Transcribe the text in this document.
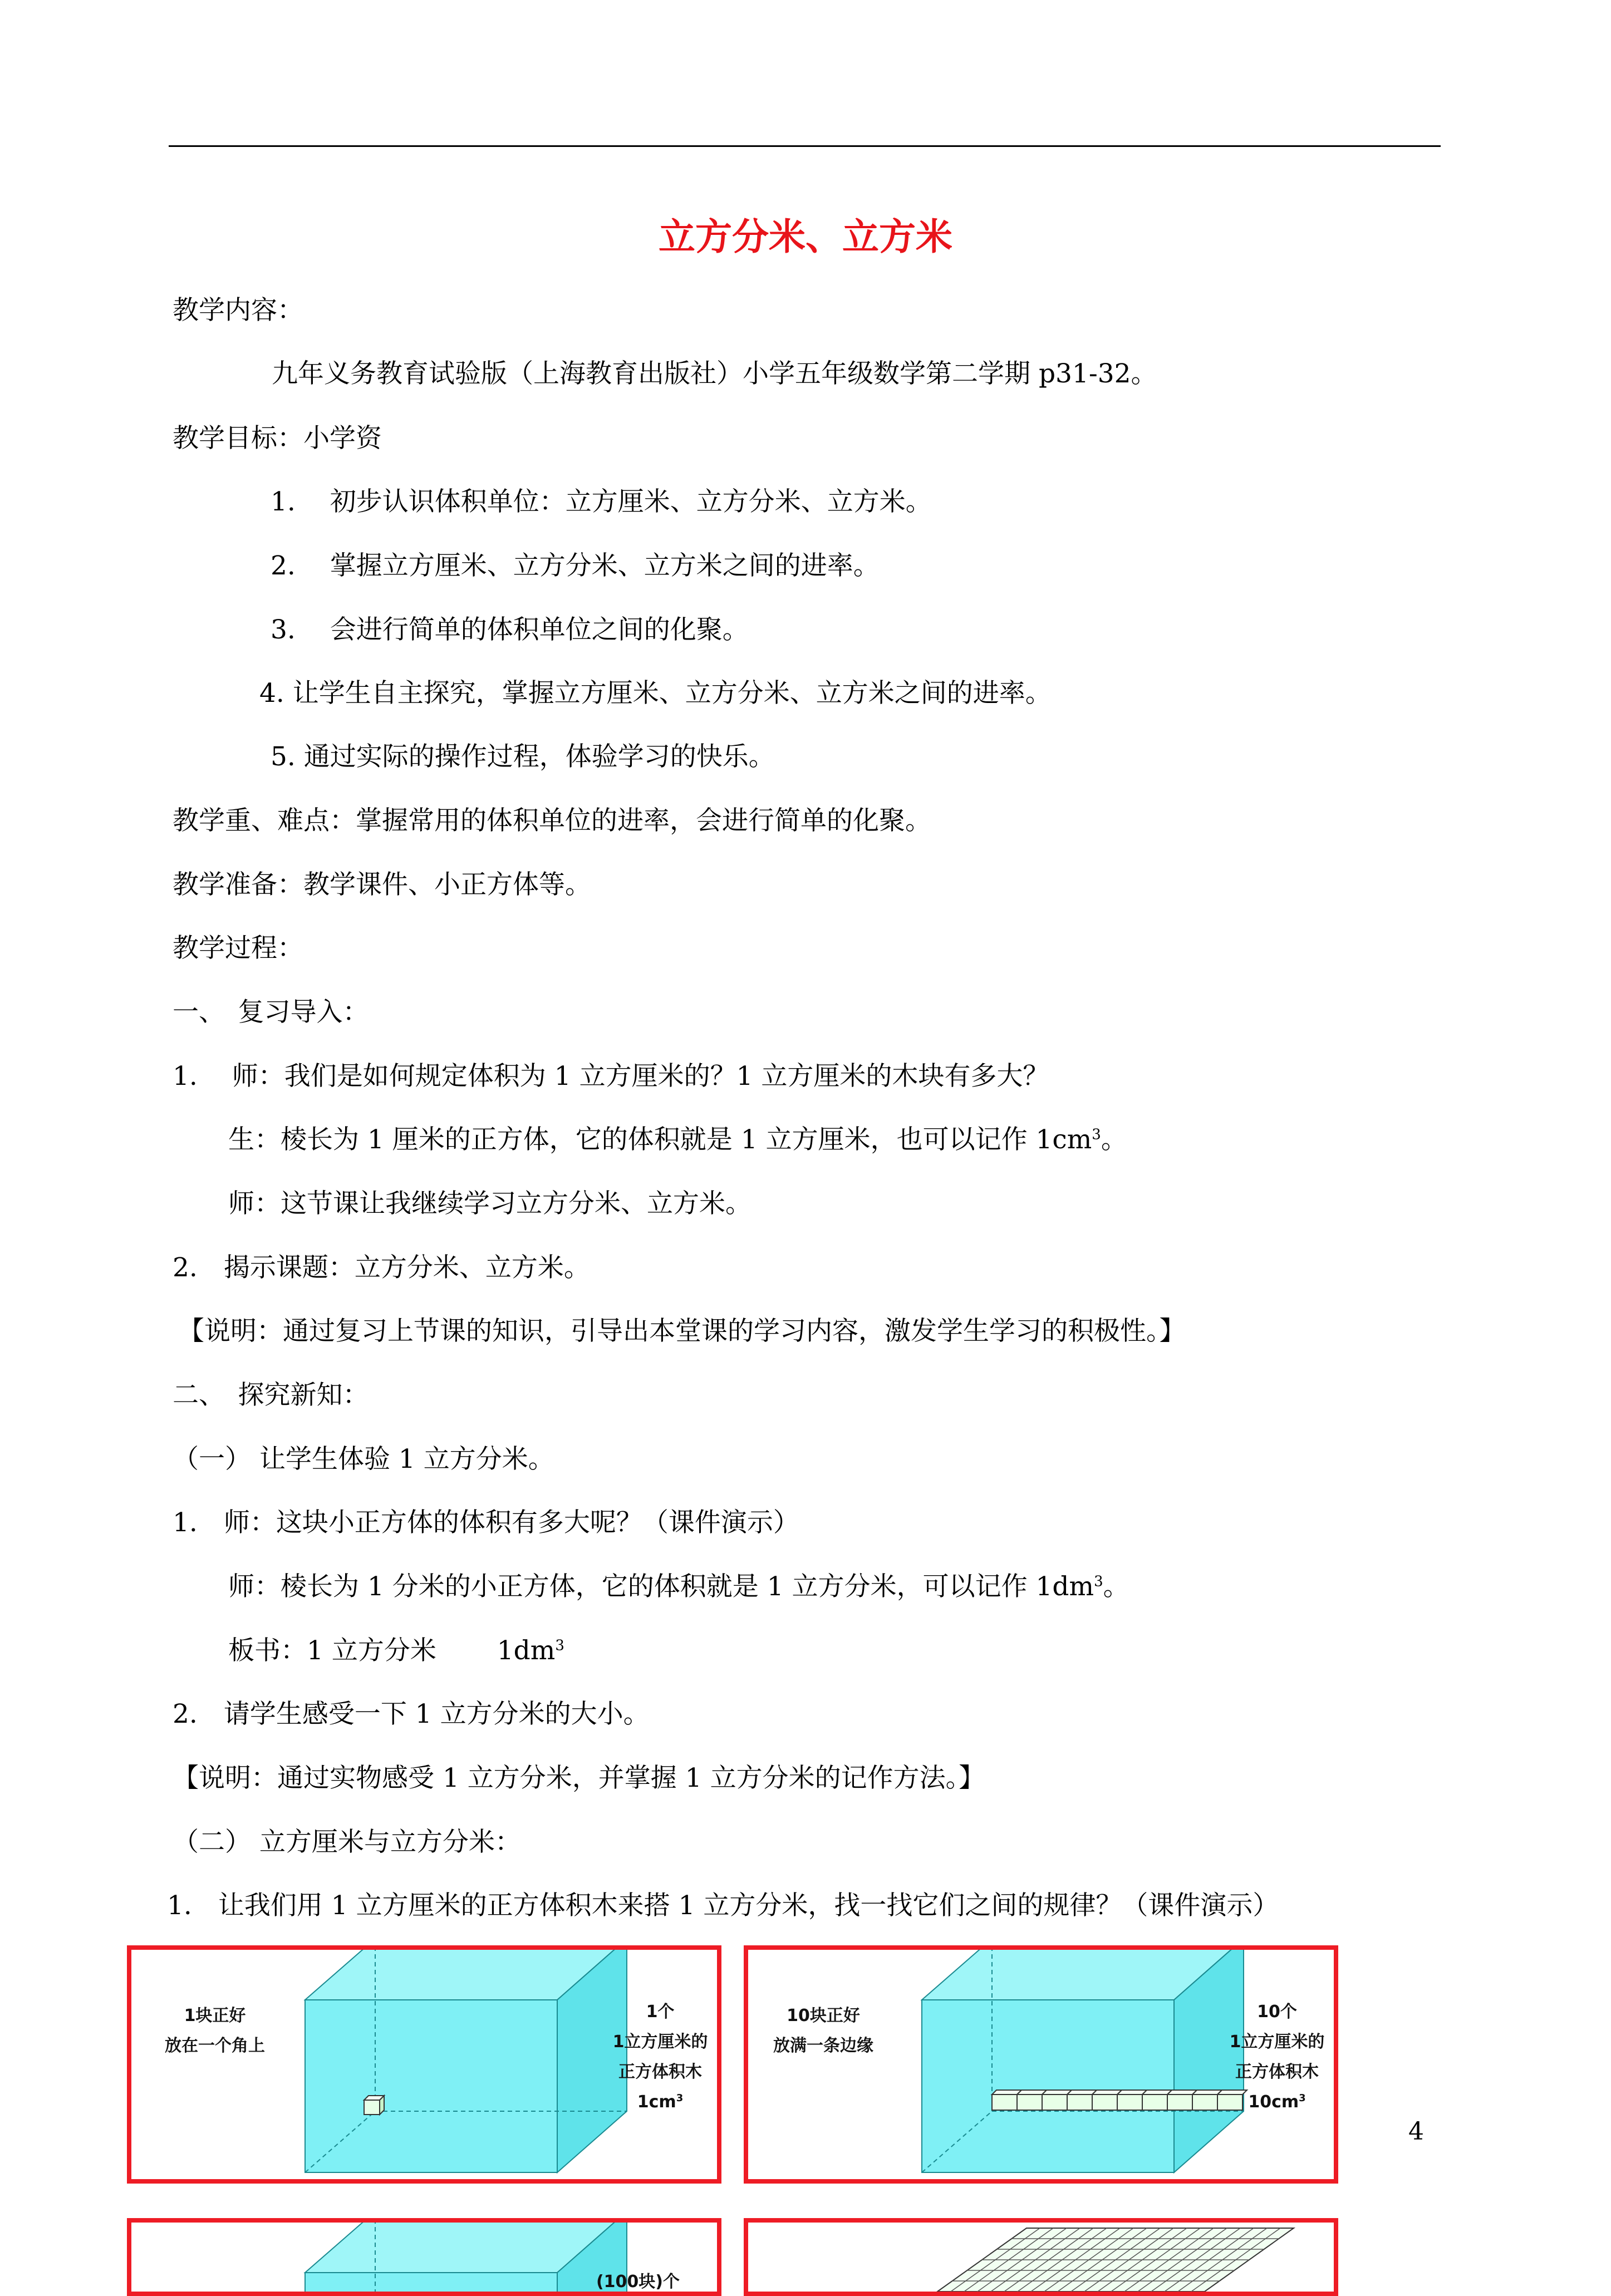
立方分米、立方米
教学内容：
九年义务教育试验版（上海教育出版社）小学五年级数学第二学期 p31-32。
教学目标：小学资
1.　 初步认识体积单位：立方厘米、立方分米、立方米。
2.　 掌握立方厘米、立方分米、立方米之间的进率。
3.　 会进行简单的体积单位之间的化聚。
4. 让学生自主探究，掌握立方厘米、立方分米、立方米之间的进率。
5. 通过实际的操作过程，体验学习的快乐。
教学重、难点：掌握常用的体积单位的进率，会进行简单的化聚。
教学准备：教学课件、小正方体等。
教学过程：
一、　复习导入：
1.　 师：我们是如何规定体积为 1 立方厘米的？1 立方厘米的木块有多大？
生：棱长为 1 厘米的正方体，它的体积就是 1 立方厘米，也可以记作 $1cm^3$。
师：这节课让我继续学习立方分米、立方米。
2.　揭示课题：立方分米、立方米。
【说明：通过复习上节课的知识，引导出本堂课的学习内容，激发学生学习的积极性。】
二、　探究新知：
（一） 让学生体验 1 立方分米。
1.　师：这块小正方体的体积有多大呢？（课件演示）
师：棱长为 1 分米的小正方体，它的体积就是 1 立方分米，可以记作 $1dm^3$。
板书：1 立方分米　　 $1dm^3$
2.　请学生感受一下 1 立方分米的大小。
【说明：通过实物感受 1 立方分米，并掌握 1 立方分米的记作方法。】
（二） 立方厘米与立方分米：
1.　让我们用 1 立方厘米的正方体积木来搭 1 立方分米，找一找它们之间的规律？（课件演示）
1块正好
放在一个角上
1个
1立方厘米的
正方体积木
$1cm^3$
10块正好
放满一条边缘
10个
1立方厘米的
正方体积木
$10cm^3$
(100块)个
4
